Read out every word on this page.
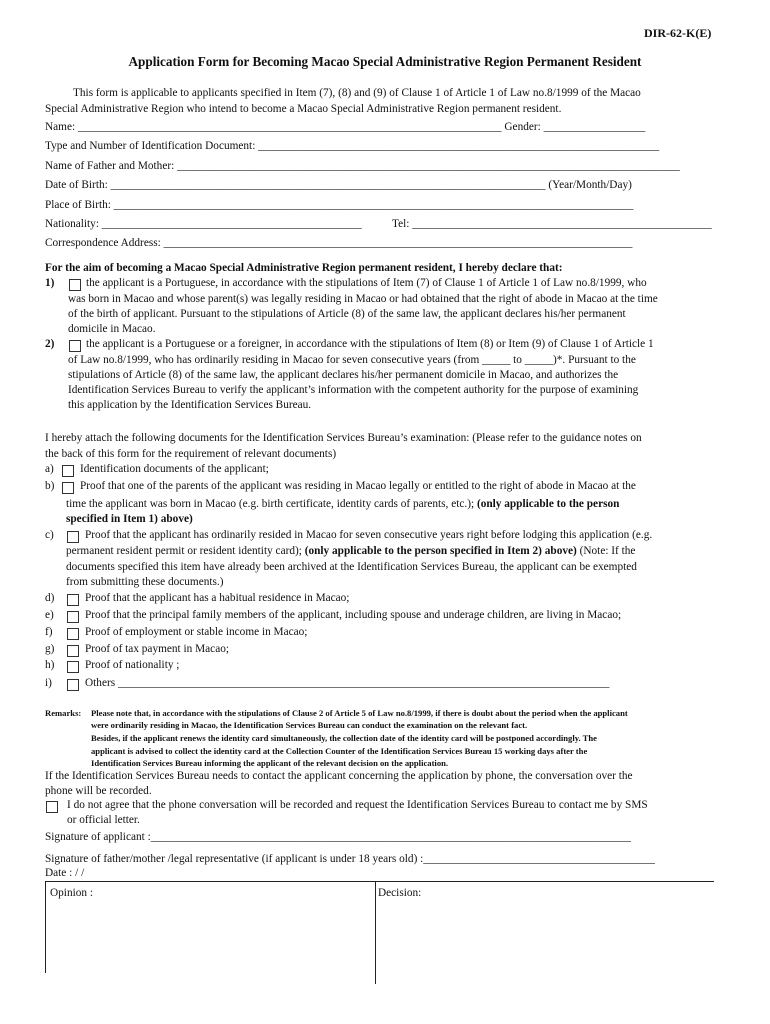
DIR-62-K(E)
Application Form for Becoming Macao Special Administrative Region Permanent Resident
This form is applicable to applicants specified in Item (7), (8) and (9) of Clause 1 of Article 1 of Law no.8/1999 of the Macao
Special Administrative Region who intend to become a Macao Special Administrative Region permanent resident.
Name: ___________________________________________________________________________ Gender: __________________
Type and Number of Identification Document: _______________________________________________________________________
Name of Father and Mother: _________________________________________________________________________________________
Date of Birth: _____________________________________________________________________________ (Year/Month/Day)
Place of Birth: ____________________________________________________________________________________________
Nationality: ______________________________________________	Tel: _____________________________________________________
Correspondence Address: ___________________________________________________________________________________
For the aim of becoming a Macao Special Administrative Region permanent resident, I hereby declare that:
1)	the applicant is a Portuguese, in accordance with the stipulations of Item (7) of Clause 1 of Article 1 of Law no.8/1999, who
was born in Macao and whose parent(s) was legally residing in Macao or had obtained that the right of abode in Macao at the time
of the birth of applicant. Pursuant to the stipulations of Article (8) of the same law, the applicant declares his/her permanent
domicile in Macao.
2)	the applicant is a Portuguese or a foreigner, in accordance with the stipulations of Item (8) or Item (9) of Clause 1 of Article 1
of Law no.8/1999, who has ordinarily residing in Macao for seven consecutive years (from _____ to _____)*. Pursuant to the
stipulations of Article (8) of the same law, the applicant declares his/her permanent domicile in Macao, and authorizes the
Identification Services Bureau to verify the applicant’s information with the competent authority for the purpose of examining
this application by the Identification Services Bureau.
I hereby attach the following documents for the Identification Services Bureau’s examination: (Please refer to the guidance notes on
the back of this form for the requirement of relevant documents)
a) Identification documents of the applicant;
b) Proof that one of the parents of the applicant was residing in Macao legally or entitled to the right of abode in Macao at the
time the applicant was born in Macao (e.g. birth certificate, identity cards of parents, etc.); (only applicable to the person
specified in Item 1) above)
c)	Proof that the applicant has ordinarily resided in Macao for seven consecutive years right before lodging this application (e.g.
permanent resident permit or resident identity card); (only applicable to the person specified in Item 2) above) (Note: If the
documents specified this item have already been archived at the Identification Services Bureau, the applicant can be exempted
from submitting these documents.)
d)	Proof that the applicant has a habitual residence in Macao;
e)	Proof that the principal family members of the applicant, including spouse and underage children, are living in Macao;
f)	Proof of employment or stable income in Macao;
g)	Proof of tax payment in Macao;
h)	Proof of nationality ;
i)	Others _______________________________________________________________________________________
Remarks: Please note that, in accordance with the stipulations of Clause 2 of Article 5 of Law no.8/1999, if there is doubt about the period when the applicant
were ordinarily residing in Macao, the Identification Services Bureau can conduct the examination on the relevant fact.
Besides, if the applicant renews the identity card simultaneously, the collection date of the identity card will be postponed accordingly. The
applicant is advised to collect the identity card at the Collection Counter of the Identification Services Bureau 15 working days after the
Identification Services Bureau informing the applicant of the relevant decision on the application.
If the Identification Services Bureau needs to contact the applicant concerning the application by phone, the conversation over the
phone will be recorded.
I do not agree that the phone conversation will be recorded and request the Identification Services Bureau to contact me by SMS
or official letter.
Signature of applicant :_____________________________________________________________________________________
Signature of father/mother /legal representative (if applicant is under 18 years old) :_________________________________________
Date : / /
Opinion :	Decision:
